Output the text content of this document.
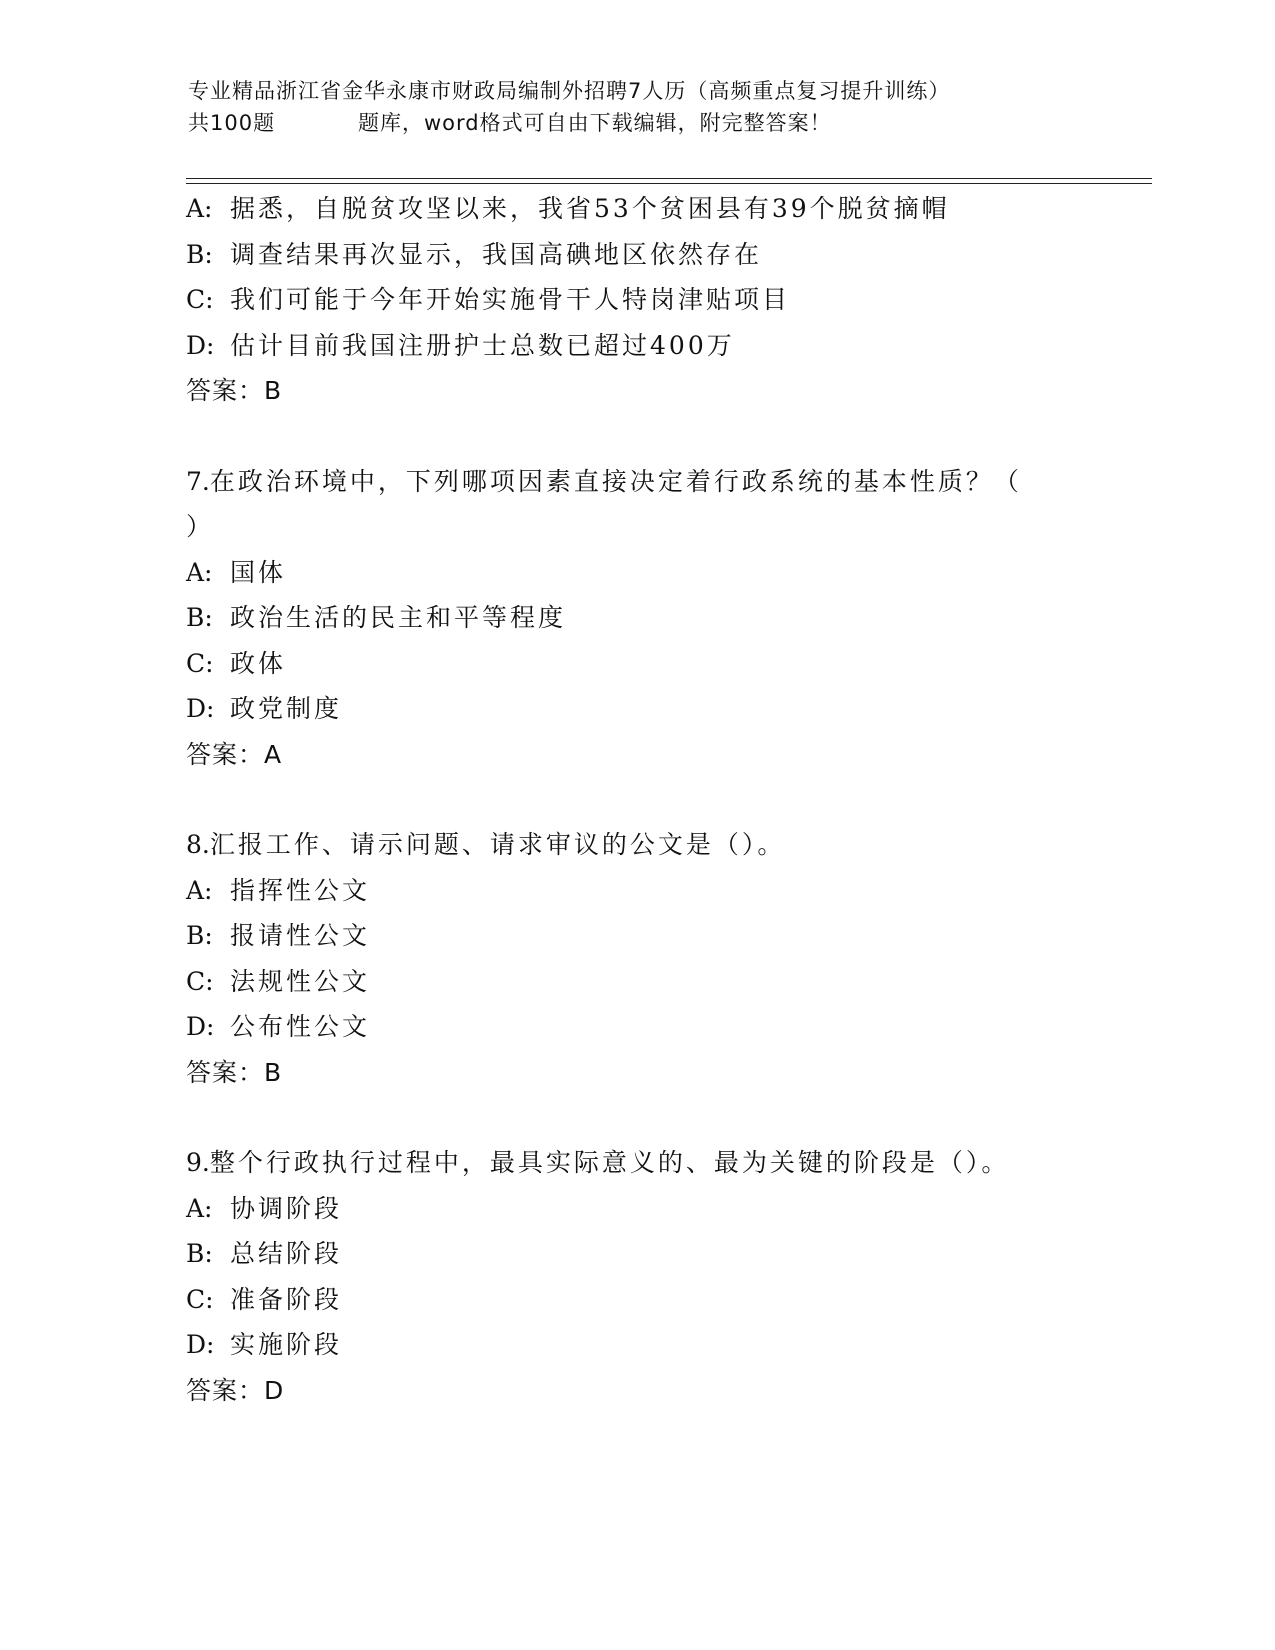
专业精品浙江省金华永康市财政局编制外招聘7人历（高频重点复习提升训练）
共100题	题库，word格式可自由下载编辑，附完整答案！
A: 据悉，自脱贫攻坚以来，我省53个贫困县有39个脱贫摘帽
B: 调查结果再次显示，我国高碘地区依然存在
C: 我们可能于今年开始实施骨干人特岗津贴项目
D: 估计目前我国注册护士总数已超过400万
答案：B
7.在政治环境中，下列哪项因素直接决定着行政系统的基本性质？（
）
A: 国体
B: 政治生活的民主和平等程度
C: 政体
D: 政党制度
答案：A
8.汇报工作、请示问题、请求审议的公文是（）。
A: 指挥性公文
B: 报请性公文
C: 法规性公文
D: 公布性公文
答案：B
9.整个行政执行过程中，最具实际意义的、最为关键的阶段是（）。
A: 协调阶段
B: 总结阶段
C: 准备阶段
D: 实施阶段
答案：D
